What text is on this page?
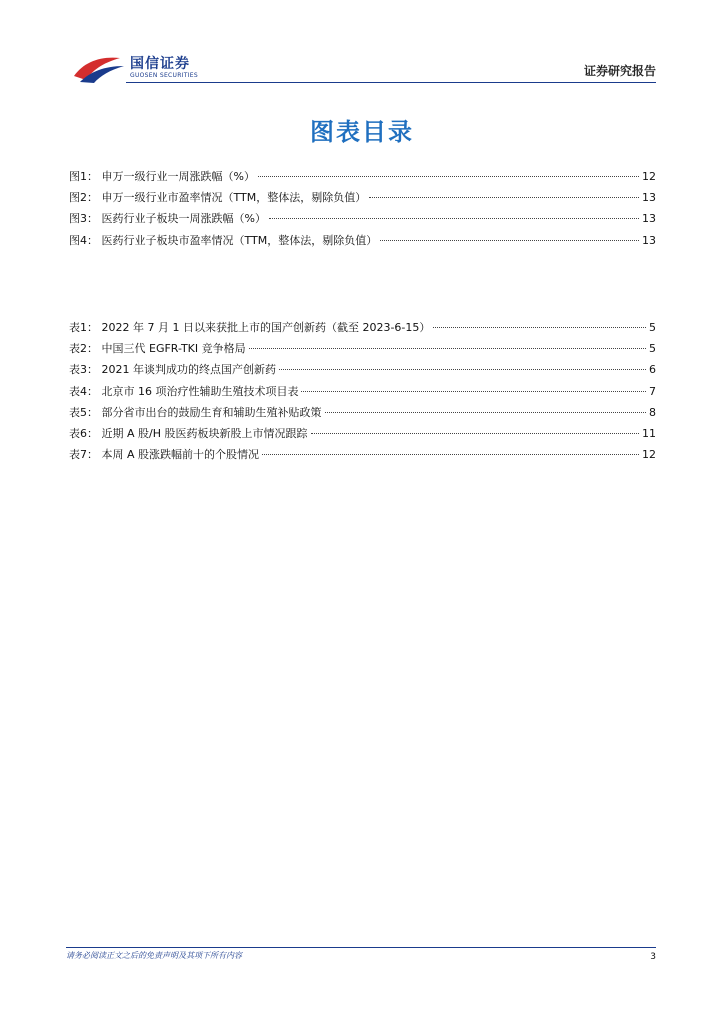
国信证券
GUOSEN SECURITIES	证券研究报告
图表目录
图1： 申万一级行业一周涨跌幅（%）	12
图2： 申万一级行业市盈率情况（TTM，整体法，剔除负值）	13
图3： 医药行业子板块一周涨跌幅（%）	13
图4： 医药行业子板块市盈率情况（TTM，整体法，剔除负值）	13
表1： 2022 年 7 月 1 日以来获批上市的国产创新药（截至 2023-6-15）	5
表2： 中国三代 EGFR-TKI 竞争格局	5
表3： 2021 年谈判成功的终点国产创新药	6
表4： 北京市 16 项治疗性辅助生殖技术项目表	7
表5： 部分省市出台的鼓励生育和辅助生殖补贴政策	8
表6： 近期 A 股/H 股医药板块新股上市情况跟踪	11
表7： 本周 A 股涨跌幅前十的个股情况	12
请务必阅读正文之后的免责声明及其项下所有内容	3
